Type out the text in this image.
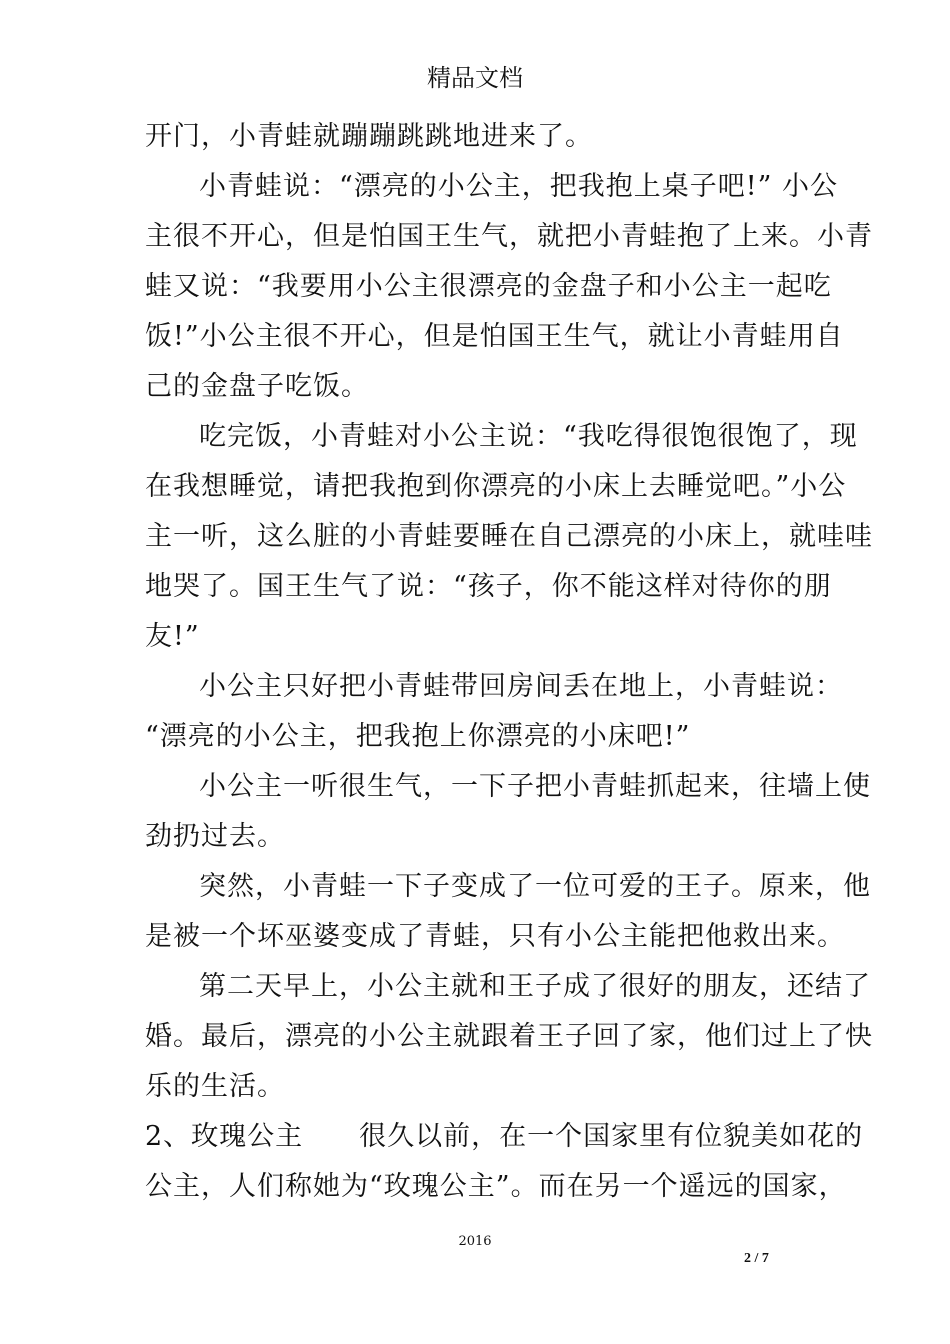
精品文档
开门，小青蛙就蹦蹦跳跳地进来了。
小青蛙说：“漂亮的小公主，把我抱上桌子吧!” 小公
主很不开心，但是怕国王生气，就把小青蛙抱了上来。小青
蛙又说：“我要用小公主很漂亮的金盘子和小公主一起吃
饭!”小公主很不开心，但是怕国王生气，就让小青蛙用自
己的金盘子吃饭。
吃完饭，小青蛙对小公主说：“我吃得很饱很饱了，现
在我想睡觉，请把我抱到你漂亮的小床上去睡觉吧。”小公
主一听，这么脏的小青蛙要睡在自己漂亮的小床上，就哇哇
地哭了。国王生气了说：“孩子，你不能这样对待你的朋
友!”
小公主只好把小青蛙带回房间丢在地上，小青蛙说：
“漂亮的小公主，把我抱上你漂亮的小床吧!”
小公主一听很生气，一下子把小青蛙抓起来，往墙上使
劲扔过去。
突然，小青蛙一下子变成了一位可爱的王子。原来，他
是被一个坏巫婆变成了青蛙，只有小公主能把他救出来。
第二天早上，小公主就和王子成了很好的朋友，还结了
婚。最后，漂亮的小公主就跟着王子回了家，他们过上了快
乐的生活。
2、玫瑰公主　　很久以前，在一个国家里有位貌美如花的
公主，人们称她为“玫瑰公主”。而在另一个遥远的国家，
2016
2 / 7
